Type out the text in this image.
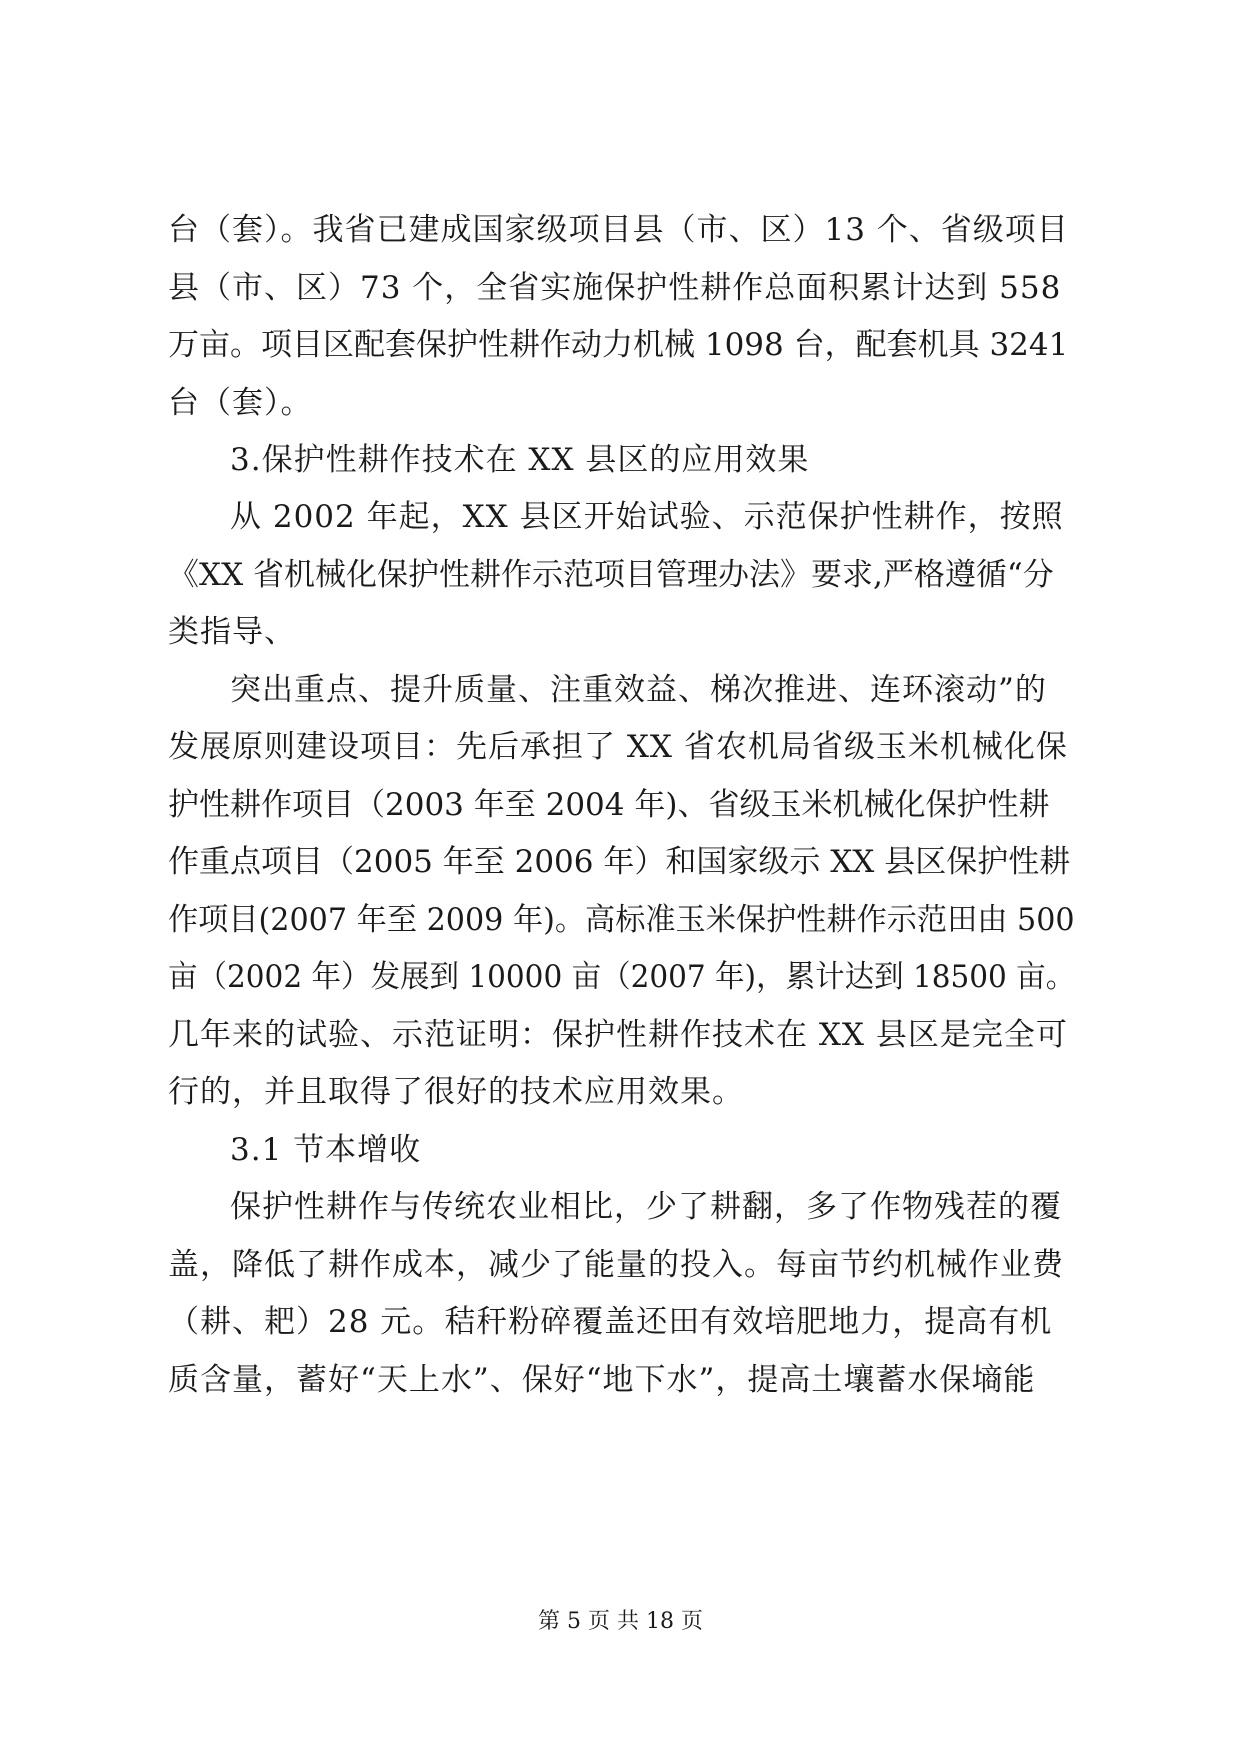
台（套）。我省已建成国家级项目县（市、区）13 个、省级项目
县（市、区）73 个，全省实施保护性耕作总面积累计达到 558
万亩。项目区配套保护性耕作动力机械 1098 台，配套机具 3241
台（套）。
3.保护性耕作技术在 XX 县区的应用效果
从 2002 年起，XX 县区开始试验、示范保护性耕作，按照
《XX 省机械化保护性耕作示范项目管理办法》要求,严格遵循“分
类指导、
突出重点、提升质量、注重效益、梯次推进、连环滚动”的
发展原则建设项目：先后承担了 XX 省农机局省级玉米机械化保
护性耕作项目（2003 年至 2004 年)、省级玉米机械化保护性耕
作重点项目（2005 年至 2006 年）和国家级示 XX 县区保护性耕
作项目(2007 年至 2009 年)。高标准玉米保护性耕作示范田由 500
亩（2002 年）发展到 10000 亩（2007 年)，累计达到 18500 亩。
几年来的试验、示范证明：保护性耕作技术在 XX 县区是完全可
行的，并且取得了很好的技术应用效果。
3.1 节本增收
保护性耕作与传统农业相比，少了耕翻，多了作物残茬的覆
盖，降低了耕作成本，减少了能量的投入。每亩节约机械作业费
（耕、耙）28 元。秸秆粉碎覆盖还田有效培肥地力，提高有机
质含量，蓄好“天上水”、保好“地下水”，提高土壤蓄水保墒能
第 5 页 共 18 页
